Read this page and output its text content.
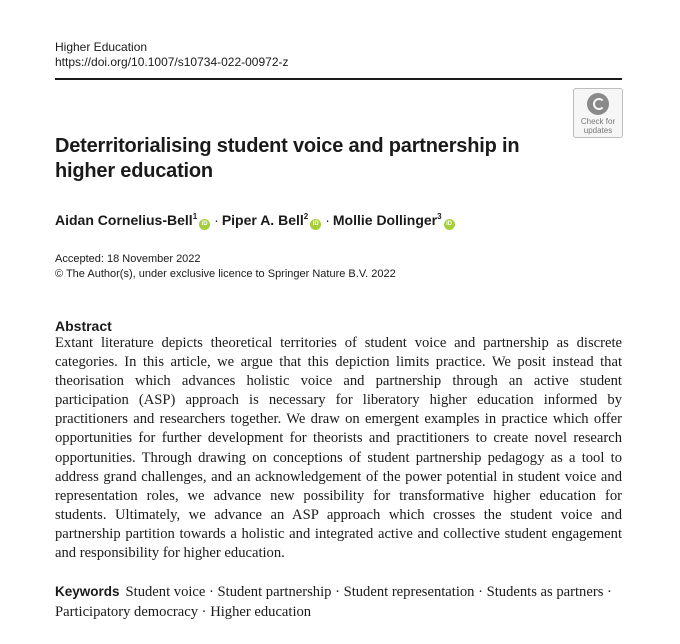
Higher Education
https://doi.org/10.1007/s10734-022-00972-z
Check for
updates
Deterritorialising student voice and partnership in higher education
Aidan Cornelius-Bell$^1$iD · Piper A. Bell$^2$iD · Mollie Dollinger$^3$iD
Accepted: 18 November 2022
© The Author(s), under exclusive licence to Springer Nature B.V. 2022
Abstract
Extant literature depicts theoretical territories of student voice and partnership as discrete categories. In this article, we argue that this depiction limits practice. We posit instead that theorisation which advances holistic voice and partnership through an active student participation (ASP) approach is necessary for liberatory higher education informed by practitioners and researchers together. We draw on emergent examples in practice which offer opportunities for further development for theorists and practitioners to create novel research opportunities. Through drawing on conceptions of student partnership pedagogy as a tool to address grand challenges, and an acknowledgement of the power potential in student voice and representation roles, we advance new possibility for transformative higher education for students. Ultimately, we advance an ASP approach which crosses the student voice and partnership partition towards a holistic and integrated active and collective student engagement and responsibility for higher education.
Keywords Student voice · Student partnership · Student representation · Students as partners · Participatory democracy · Higher education
